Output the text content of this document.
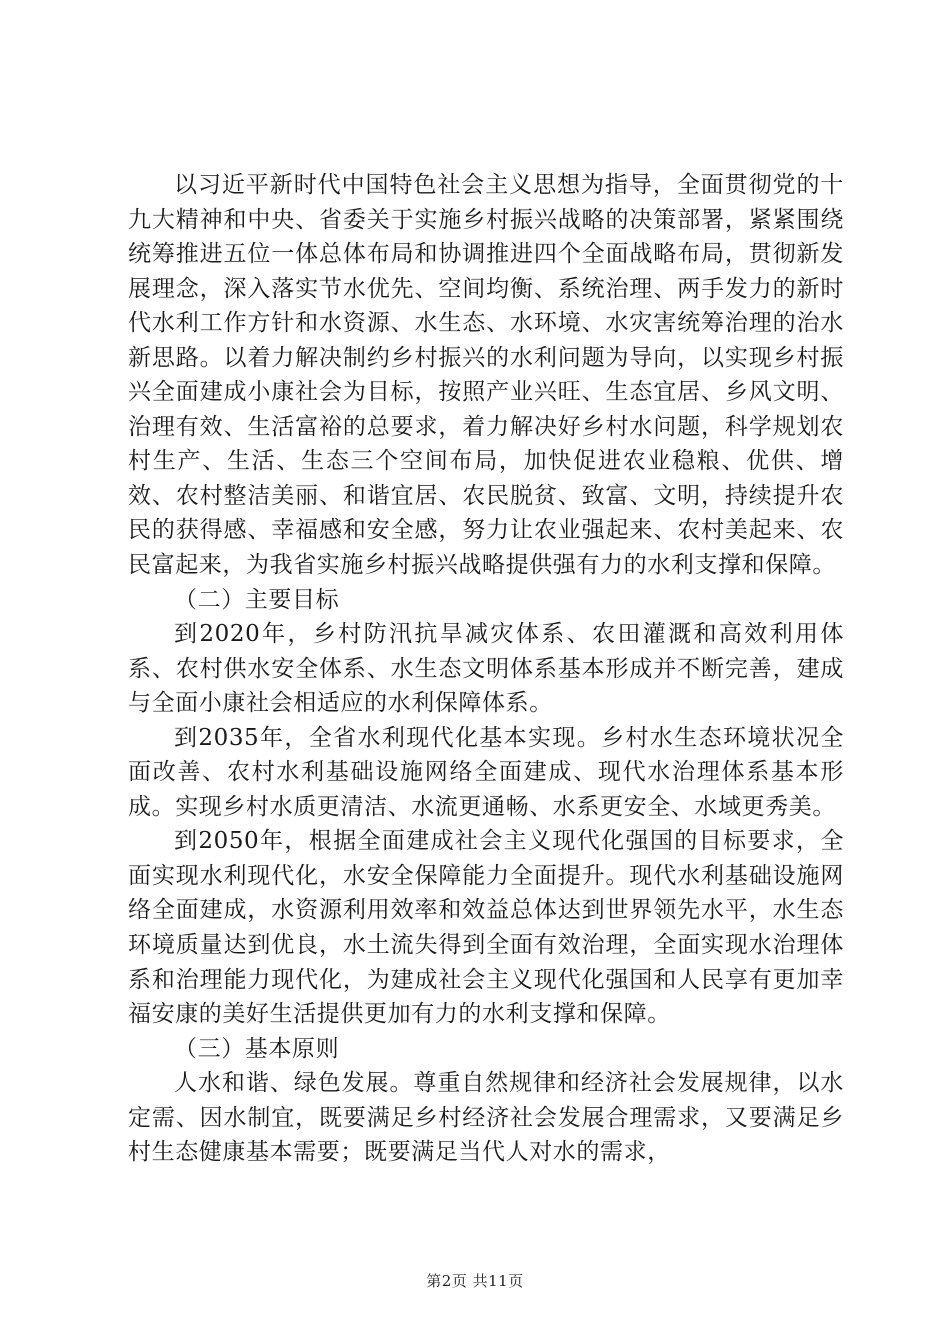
以习近平新时代中国特色社会主义思想为指导，全面贯彻党的十九大精神和中央、省委关于实施乡村振兴战略的决策部署，紧紧围绕统筹推进五位一体总体布局和协调推进四个全面战略布局，贯彻新发展理念，深入落实节水优先、空间均衡、系统治理、两手发力的新时代水利工作方针和水资源、水生态、水环境、水灾害统筹治理的治水新思路。以着力解决制约乡村振兴的水利问题为导向，以实现乡村振兴全面建成小康社会为目标，按照产业兴旺、生态宜居、乡风文明、治理有效、生活富裕的总要求，着力解决好乡村水问题，科学规划农村生产、生活、生态三个空间布局，加快促进农业稳粮、优供、增效、农村整洁美丽、和谐宜居、农民脱贫、致富、文明，持续提升农民的获得感、幸福感和安全感，努力让农业强起来、农村美起来、农民富起来，为我省实施乡村振兴战略提供强有力的水利支撑和保障。

（二）主要目标

到2020年，乡村防汛抗旱减灾体系、农田灌溉和高效利用体系、农村供水安全体系、水生态文明体系基本形成并不断完善，建成与全面小康社会相适应的水利保障体系。

到2035年，全省水利现代化基本实现。乡村水生态环境状况全面改善、农村水利基础设施网络全面建成、现代水治理体系基本形成。实现乡村水质更清洁、水流更通畅、水系更安全、水域更秀美。

到2050年，根据全面建成社会主义现代化强国的目标要求，全面实现水利现代化，水安全保障能力全面提升。现代水利基础设施网络全面建成，水资源利用效率和效益总体达到世界领先水平，水生态环境质量达到优良，水土流失得到全面有效治理，全面实现水治理体系和治理能力现代化，为建成社会主义现代化强国和人民享有更加幸福安康的美好生活提供更加有力的水利支撑和保障。

（三）基本原则

人水和谐、绿色发展。尊重自然规律和经济社会发展规律，以水定需、因水制宜，既要满足乡村经济社会发展合理需求，又要满足乡村生态健康基本需要；既要满足当代人对水的需求，

第2页 共11页
